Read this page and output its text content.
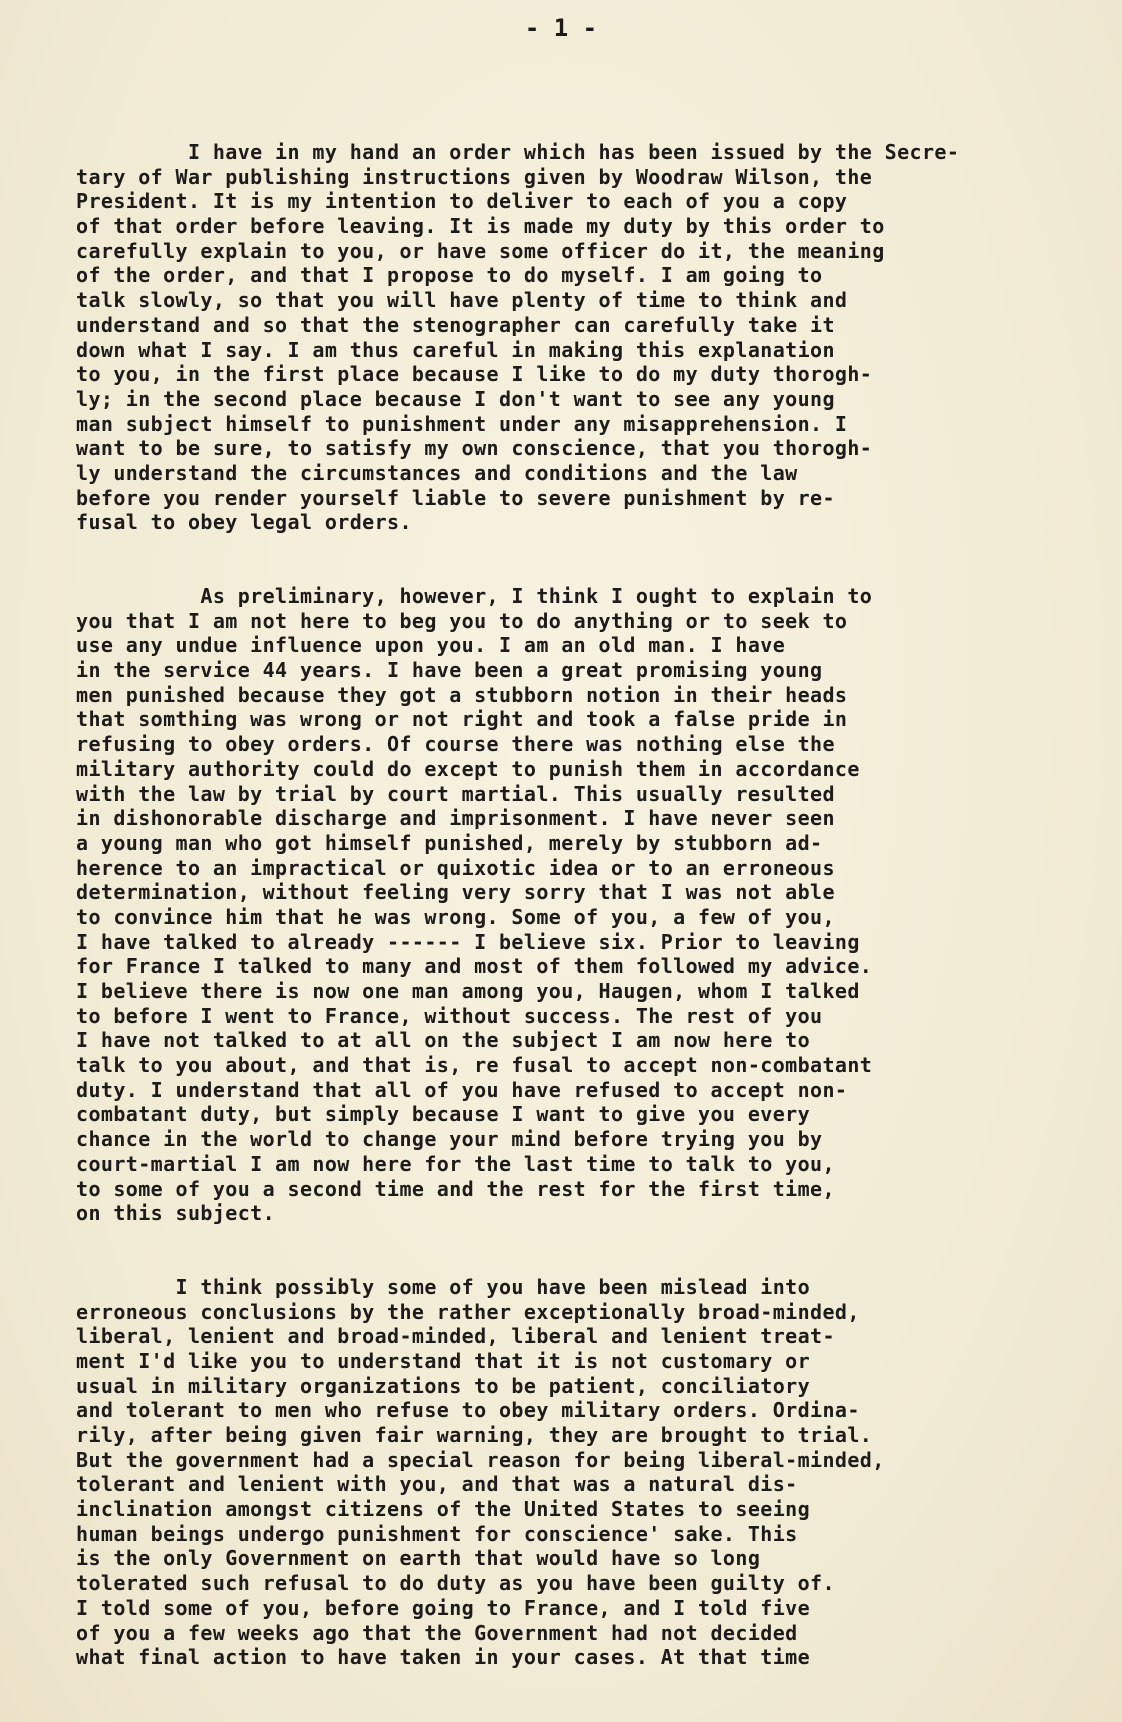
- 1 -
I have in my hand an order which has been issued by the Secre-
tary of War publishing instructions given by Woodraw Wilson, the
President. It is my intention to deliver to each of you a copy
of that order before leaving. It is made my duty by this order to
carefully explain to you, or have some officer do it, the meaning
of the order, and that I propose to do myself. I am going to
talk slowly, so that you will have plenty of time to think and
understand and so that the stenographer can carefully take it
down what I say. I am thus careful in making this explanation
to you, in the first place because I like to do my duty thorogh-
ly; in the second place because I don't want to see any young
man subject himself to punishment under any misapprehension. I
want to be sure, to satisfy my own conscience, that you thorogh-
ly understand the circumstances and conditions and the law
before you render yourself liable to severe punishment by re-
fusal to obey legal orders.
As preliminary, however, I think I ought to explain to
you that I am not here to beg you to do anything or to seek to
use any undue influence upon you. I am an old man. I have
in the service 44 years. I have been a great promising young
men punished because they got a stubborn notion in their heads
that somthing was wrong or not right and took a false pride in
refusing to obey orders. Of course there was nothing else the
military authority could do except to punish them in accordance
with the law by trial by court martial. This usually resulted
in dishonorable discharge and imprisonment. I have never seen
a young man who got himself punished, merely by stubborn ad-
herence to an impractical or quixotic idea or to an erroneous
determination, without feeling very sorry that I was not able
to convince him that he was wrong. Some of you, a few of you,
I have talked to already ------ I believe six. Prior to leaving
for France I talked to many and most of them followed my advice.
I believe there is now one man among you, Haugen, whom I talked
to before I went to France, without success. The rest of you
I have not talked to at all on the subject I am now here to
talk to you about, and that is, re fusal to accept non-combatant
duty. I understand that all of you have refused to accept non-
combatant duty, but simply because I want to give you every
chance in the world to change your mind before trying you by
court-martial I am now here for the last time to talk to you,
to some of you a second time and the rest for the first time,
on this subject.
I think possibly some of you have been mislead into
erroneous conclusions by the rather exceptionally broad-minded,
liberal, lenient and broad-minded, liberal and lenient treat-
ment I'd like you to understand that it is not customary or
usual in military organizations to be patient, conciliatory
and tolerant to men who refuse to obey military orders. Ordina-
rily, after being given fair warning, they are brought to trial.
But the government had a special reason for being liberal-minded,
tolerant and lenient with you, and that was a natural dis-
inclination amongst citizens of the United States to seeing
human beings undergo punishment for conscience' sake. This
is the only Government on earth that would have so long
tolerated such refusal to do duty as you have been guilty of.
I told some of you, before going to France, and I told five
of you a few weeks ago that the Government had not decided
what final action to have taken in your cases. At that time
